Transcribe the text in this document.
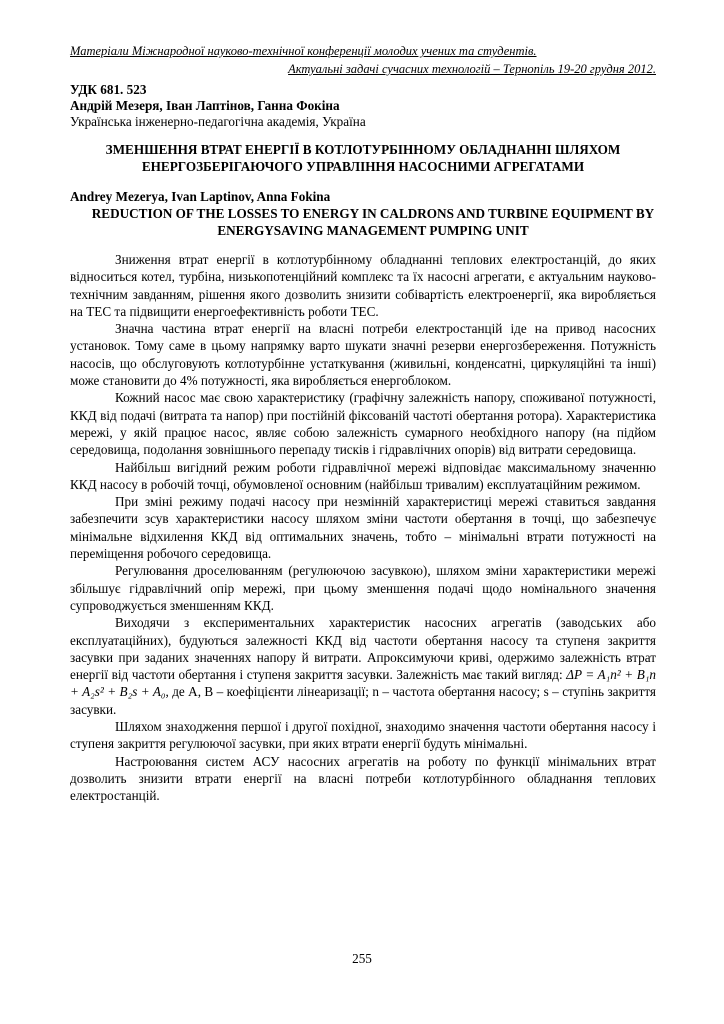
Матеріали Міжнародної науково-технічної конференції молодих учених та студентів.
Актуальні задачі сучасних технологій – Тернопіль 19-20 грудня 2012.
УДК 681. 523
Андрій Мезеря, Іван Лаптінов, Ганна Фокіна
Українська інженерно-педагогічна академія, Україна
ЗМЕНШЕННЯ ВТРАТ ЕНЕРГІЇ В КОТЛОТУРБІННОМУ ОБЛАДНАННІ ШЛЯХОМ ЕНЕРГОЗБЕРІГАЮЧОГО УПРАВЛІННЯ НАСОСНИМИ АГРЕГАТАМИ
Andrey Mezerya, Ivan Laptinov, Anna Fokina
REDUCTION OF THE LOSSES TO ENERGY IN CALDRONS AND TURBINE EQUIPMENT BY ENERGYSAVING MANAGEMENT PUMPING UNIT

Зниження втрат енергії в котлотурбінному обладнанні теплових електростанцій, до яких відноситься котел, турбіна, низькопотенційний комплекс та їх насосні агрегати, є актуальним науково-технічним завданням, рішення якого дозволить знизити собівартість електроенергії, яка виробляється на ТЕС та підвищити енергоефективність роботи ТЕС.

Значна частина втрат енергії на власні потреби електростанцій іде на привод насосних установок. Тому саме в цьому напрямку варто шукати значні резерви енергозбереження. Потужність насосів, що обслуговують котлотурбінне устаткування (живильні, конденсатні, циркуляційні та інші) може становити до 4% потужності, яка виробляється енергоблоком.

Кожний насос має свою характеристику (графічну залежність напору, споживаної потужності, ККД від подачі (витрата та напор) при постійній фіксованій частоті обертання ротора). Характеристика мережі, у якій працює насос, являє собою залежність сумарного необхідного напору (на підйом середовища, подолання зовнішнього перепаду тисків і гідравлічних опорів) від витрати середовища.

Найбільш вигідний режим роботи гідравлічної мережі відповідає максимальному значенню ККД насосу в робочій точці, обумовленої основним (найбільш тривалим) експлуатаційним режимом.

При зміні режиму подачі насосу при незмінній характеристиці мережі ставиться завдання забезпечити зсув характеристики насосу шляхом зміни частоти обертання в точці, що забезпечує мінімальне відхилення ККД від оптимальних значень, тобто – мінімальні втрати потужності на переміщення робочого середовища.

Регулювання дроселюванням (регулюючою засувкою), шляхом зміни характеристики мережі збільшує гідравлічний опір мережі, при цьому зменшення подачі щодо номінального значення супроводжується зменшенням ККД.

Виходячи з експериментальних характеристик насосних агрегатів (заводських або експлуатаційних), будуються залежності ККД від частоти обертання насосу та ступеня закриття засувки при заданих значеннях напору й витрати. Апроксимуючи криві, одержимо залежність втрат енергії від частоти обертання і ступеня закриття засувки. Залежність має такий вигляд: ΔP = A₁n² + B₁n + A₂s² + B₂s + A₀, де A, B – коефіцієнти лінеаризації; n – частота обертання насосу; s – ступінь закриття засувки.

Шляхом знаходження першої і другої похідної, знаходимо значення частоти обертання насосу і ступеня закриття регулюючої засувки, при яких втрати енергії будуть мінімальні.

Настроювання систем АСУ насосних агрегатів на роботу по функції мінімальних втрат дозволить знизити втрати енергії на власні потреби котлотурбінного обладнання теплових електростанцій.

255
